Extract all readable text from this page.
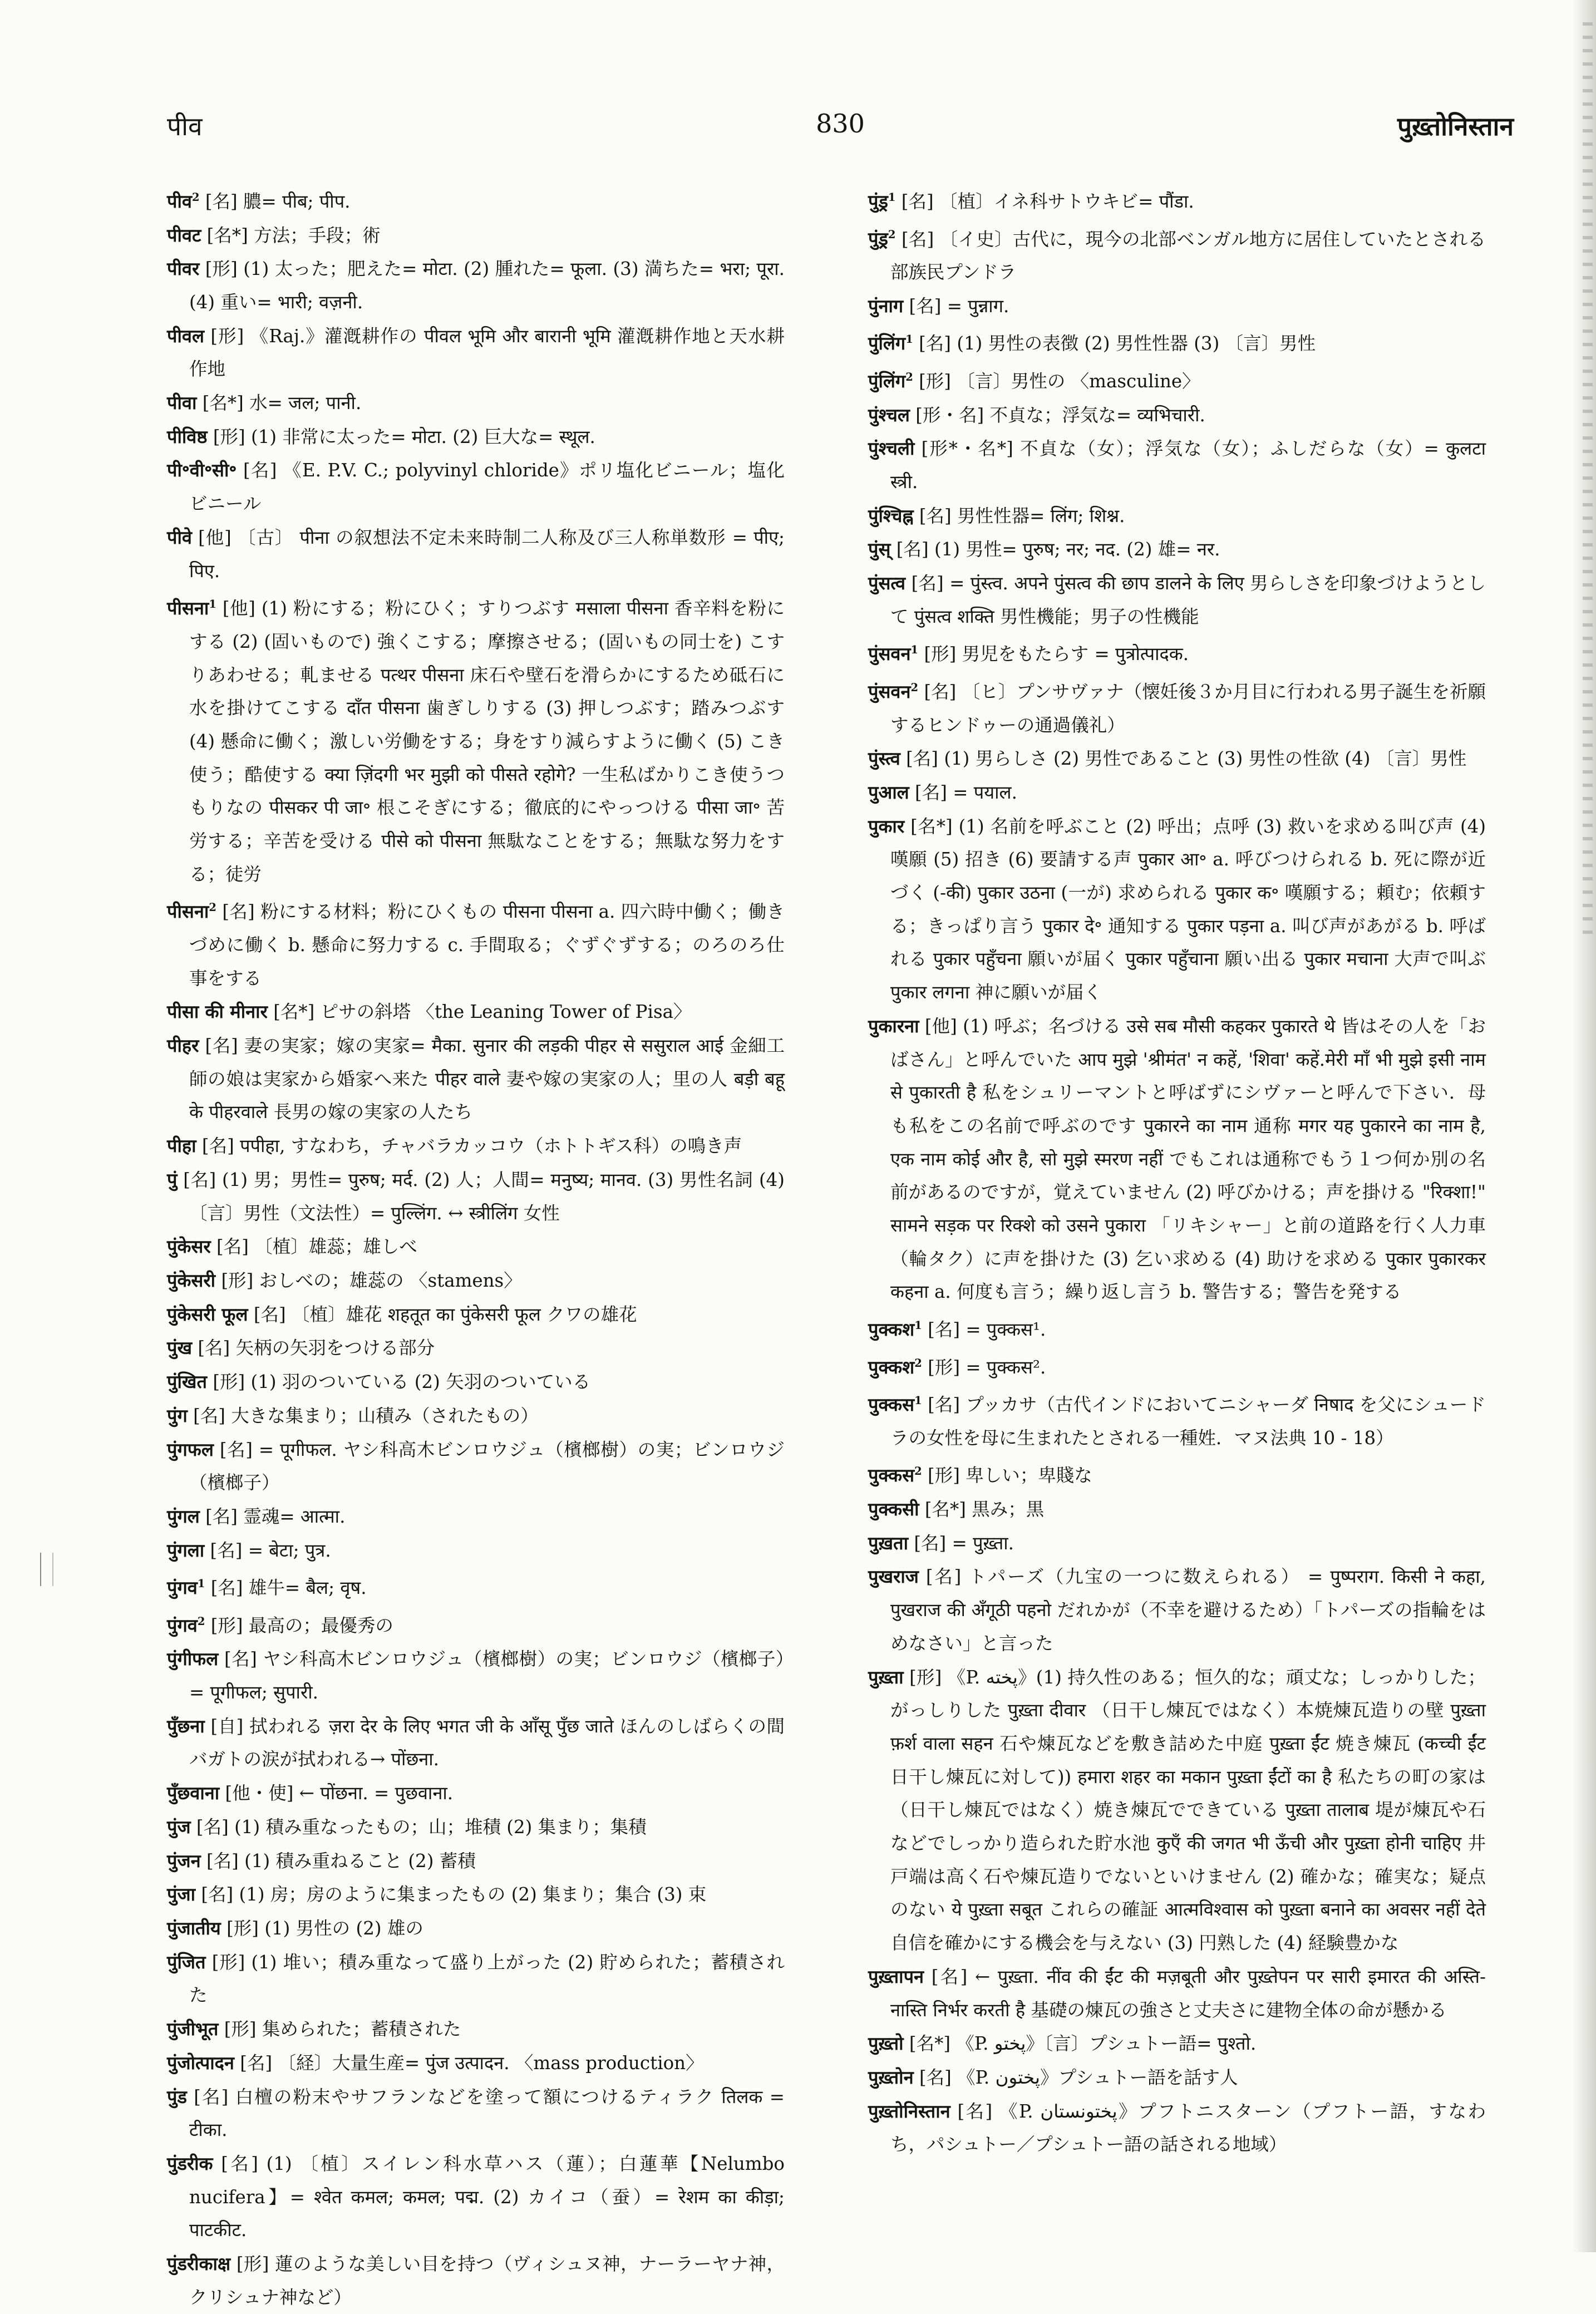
पीव	830	पुख़्तोनिस्तान

पीव$^2$ [名] 膿= पीब; पीप.

पीवट [名*] 方法；手段；術

पीवर [形] (1) 太った；肥えた= मोटा. (2) 腫れた= फूला. (3) 満ちた= भरा; पूरा. (4) 重い= भारी; वज़नी.

पीवल [形] 《Raj.》灌漑耕作の पीवल भूमि और बारानी भूमि 灌漑耕作地と天水耕作地

पीवा [名*] 水= जल; पानी.

पीविष्ठ [形] (1) 非常に太った= मोटा. (2) 巨大な= स्थूल.

पी॰वी॰सी॰ [名] 《E. P.V. C.; polyvinyl chloride》ポリ塩化ビニール；塩化ビニール

पीवे [他] 〔古〕 पीना の叙想法不定未来時制二人称及び三人称単数形 = पीए; पिए.

पीसना$^1$ [他] (1) 粉にする；粉にひく；すりつぶす मसाला पीसना 香辛料を粉にする (2) (固いもので) 強くこする；摩擦させる；(固いもの同士を) こすりあわせる；軋ませる पत्थर पीसना 床石や壁石を滑らかにするため砥石に水を掛けてこする दाँत पीसना 歯ぎしりする (3) 押しつぶす；踏みつぶす (4) 懸命に働く；激しい労働をする；身をすり減らすように働く (5) こき使う；酷使する क्या ज़िंदगी भर मुझी को पीसते रहोगे? 一生私ばかりこき使うつもりなの पीसकर पी जा॰ 根こそぎにする；徹底的にやっつける पीसा जा॰ 苦労する；辛苦を受ける पीसे को पीसना 無駄なことをする；無駄な努力をする；徒労

पीसना$^2$ [名] 粉にする材料；粉にひくもの पीसना पीसना a. 四六時中働く；働きづめに働く b. 懸命に努力する c. 手間取る；ぐずぐずする；のろのろ仕事をする

पीसा की मीनार [名*] ピサの斜塔 〈the Leaning Tower of Pisa〉

पीहर [名] 妻の実家；嫁の実家= मैका. सुनार की लड़की पीहर से ससुराल आई 金細工師の娘は実家から婚家へ来た पीहर वाले 妻や嫁の実家の人；里の人 बड़ी बहू के पीहरवाले 長男の嫁の実家の人たち

पीहा [名] पपीहा, すなわち，チャバラカッコウ（ホトトギス科）の鳴き声

पुं [名] (1) 男；男性= पुरुष; मर्द. (2) 人；人間= मनुष्य; मानव. (3) 男性名詞 (4) 〔言〕男性（文法性）= पुल्लिंग. ↔ स्त्रीलिंग 女性

पुंकेसर [名] 〔植〕雄蕊；雄しべ

पुंकेसरी [形] おしべの；雄蕊の 〈stamens〉

पुंकेसरी फूल [名] 〔植〕雄花 शहतूत का पुंकेसरी फूल クワの雄花

पुंख [名] 矢柄の矢羽をつける部分

पुंखित [形] (1) 羽のついている (2) 矢羽のついている

पुंग [名] 大きな集まり；山積み（されたもの）

पुंगफल [名] = पूगीफल. ヤシ科高木ビンロウジュ（檳榔樹）の実；ビンロウジ（檳榔子）

पुंगल [名] 霊魂= आत्मा.

पुंगला [名] = बेटा; पुत्र.

पुंगव$^1$ [名] 雄牛= बैल; वृष.

पुंगव$^2$ [形] 最高の；最優秀の

पुंगीफल [名] ヤシ科高木ビンロウジュ（檳榔樹）の実；ビンロウジ（檳榔子）= पूगीफल; सुपारी.

पुँछना [自] 拭われる ज़रा देर के लिए भगत जी के आँसू पुँछ जाते ほんのしばらくの間バガトの涙が拭われる→ पोंछना.

पुँछवाना [他・使] ← पोंछना. = पुछवाना.

पुंज [名] (1) 積み重なったもの；山；堆積 (2) 集まり；集積

पुंजन [名] (1) 積み重ねること (2) 蓄積

पुंजा [名] (1) 房；房のように集まったもの (2) 集まり；集合 (3) 束

पुंजातीय [形] (1) 男性の (2) 雄の

पुंजित [形] (1) 堆い；積み重なって盛り上がった (2) 貯められた；蓄積された

पुंजीभूत [形] 集められた；蓄積された

पुंजोत्पादन [名] 〔経〕大量生産= पुंज उत्पादन. 〈mass production〉

पुंड [名] 白檀の粉末やサフランなどを塗って額につけるティラク तिलक = टीका.

पुंडरीक [名] (1) 〔植〕スイレン科水草ハス（蓮）；白蓮華【Nelumbo nucifera】= श्वेत कमल; कमल; पद्म. (2) カイコ（蚕）= रेशम का कीड़ा; पाटकीट.

पुंडरीकाक्ष [形] 蓮のような美しい目を持つ（ヴィシュヌ神，ナーラーヤナ神，クリシュナ神など）

पुंड्र$^1$ [名] 〔植〕イネ科サトウキビ= पौंडा.

पुंड्र$^2$ [名] 〔イ史〕古代に，現今の北部ベンガル地方に居住していたとされる部族民プンドラ

पुंनाग [名] = पुन्नाग.

पुंलिंग$^1$ [名] (1) 男性の表徴 (2) 男性性器 (3) 〔言〕男性

पुंलिंग$^2$ [形] 〔言〕男性の 〈masculine〉

पुंश्चल [形・名] 不貞な；浮気な= व्यभिचारी.

पुंश्चली [形*・名*] 不貞な（女）；浮気な（女）；ふしだらな（女）= कुलटा स्त्री.

पुंश्चिह्न [名] 男性性器= लिंग; शिश्न.

पुंस् [名] (1) 男性= पुरुष; नर; नद. (2) 雄= नर.

पुंसत्व [名] = पुंस्त्व. अपने पुंसत्व की छाप डालने के लिए 男らしさを印象づけようとして पुंसत्व शक्ति 男性機能；男子の性機能

पुंसवन$^1$ [形] 男児をもたらす = पुत्रोत्पादक.

पुंसवन$^2$ [名] 〔ヒ〕プンサヴァナ（懐妊後３か月目に行われる男子誕生を祈願するヒンドゥーの通過儀礼）

पुंस्त्व [名] (1) 男らしさ (2) 男性であること (3) 男性の性欲 (4) 〔言〕男性

पुआल [名] = पयाल.

पुकार [名*] (1) 名前を呼ぶこと (2) 呼出；点呼 (3) 救いを求める叫び声 (4) 嘆願 (5) 招き (6) 要請する声 पुकार आ॰ a. 呼びつけられる b. 死に際が近づく (-की) पुकार उठना (一が) 求められる पुकार क॰ 嘆願する；頼む；依頼する；きっぱり言う पुकार दे॰ 通知する पुकार पड़ना a. 叫び声があがる b. 呼ばれる पुकार पहुँचना 願いが届く पुकार पहुँचाना 願い出る पुकार मचाना 大声で叫ぶ पुकार लगना 神に願いが届く

पुकारना [他] (1) 呼ぶ；名づける उसे सब मौसी कहकर पुकारते थे 皆はその人を「おばさん」と呼んでいた आप मुझे 'श्रीमंत' न कहें, 'शिवा' कहें.मेरी माँ भी मुझे इसी नाम से पुकारती है 私をシュリーマントと呼ばずにシヴァーと呼んで下さい．母も私をこの名前で呼ぶのです पुकारने का नाम 通称 मगर यह पुकारने का नाम है, एक नाम कोई और है, सो मुझे स्मरण नहीं でもこれは通称でもう１つ何か別の名前があるのですが，覚えていません (2) 呼びかける；声を掛ける "रिक्शा!" सामने सड़क पर रिक्शे को उसने पुकारा 「リキシャー」と前の道路を行く人力車（輪タク）に声を掛けた (3) 乞い求める (4) 助けを求める पुकार पुकारकर कहना a. 何度も言う；繰り返し言う b. 警告する；警告を発する

पुक्कश$^1$ [名] = पुक्कस¹.

पुक्कश$^2$ [形] = पुक्कस².

पुक्कस$^1$ [名] プッカサ（古代インドにおいてニシャーダ निषाद を父にシュードラの女性を母に生まれたとされる一種姓．マヌ法典 10 - 18）

पुक्कस$^2$ [形] 卑しい；卑賤な

पुक्कसी [名*] 黒み；黒

पुख़ता [名] = पुख़्ता.

पुखराज [名] トパーズ（九宝の一つに数えられる） = पुष्पराग. किसी ने कहा, पुखराज की अँगूठी पहनो だれかが（不幸を避けるため）「トパーズの指輪をはめなさい」と言った

पुख़्ता [形] 《P. پخته》(1) 持久性のある；恒久的な；頑丈な；しっかりした；がっしりした पुख़्ता दीवार （日干し煉瓦ではなく）本焼煉瓦造りの壁 पुख़्ता फ़र्श वाला सहन 石や煉瓦などを敷き詰めた中庭 पुख़्ता ईंट 焼き煉瓦 (कच्ची ईंट 日干し煉瓦に対して)) हमारा शहर का मकान पुख़्ता ईंटों का है 私たちの町の家は（日干し煉瓦ではなく）焼き煉瓦でできている पुख़्ता तालाब 堤が煉瓦や石などでしっかり造られた貯水池 कुएँ की जगत भी ऊँची और पुख़्ता होनी चाहिए 井戸端は高く石や煉瓦造りでないといけません (2) 確かな；確実な；疑点のない ये पुख़्ता सबूत これらの確証 आत्मविश्वास को पुख़्ता बनाने का अवसर नहीं देते 自信を確かにする機会を与えない (3) 円熟した (4) 経験豊かな

पुख़्तापन [名] ← पुख़्ता. नींव की ईंट की मज़बूती और पुख़्तेपन पर सारी इमारत की अस्ति-नास्ति निर्भर करती है 基礎の煉瓦の強さと丈夫さに建物全体の命が懸かる

पुख़्तो [名*] 《P. پختو》〔言〕プシュトー語= पुश्तो.

पुख़्तोन [名] 《P. پختون》プシュトー語を話す人

पुख़्तोनिस्तान [名] 《P. پختونستان》プフトニスターン（プフトー語，すなわち，パシュトー／プシュトー語の話される地域）
